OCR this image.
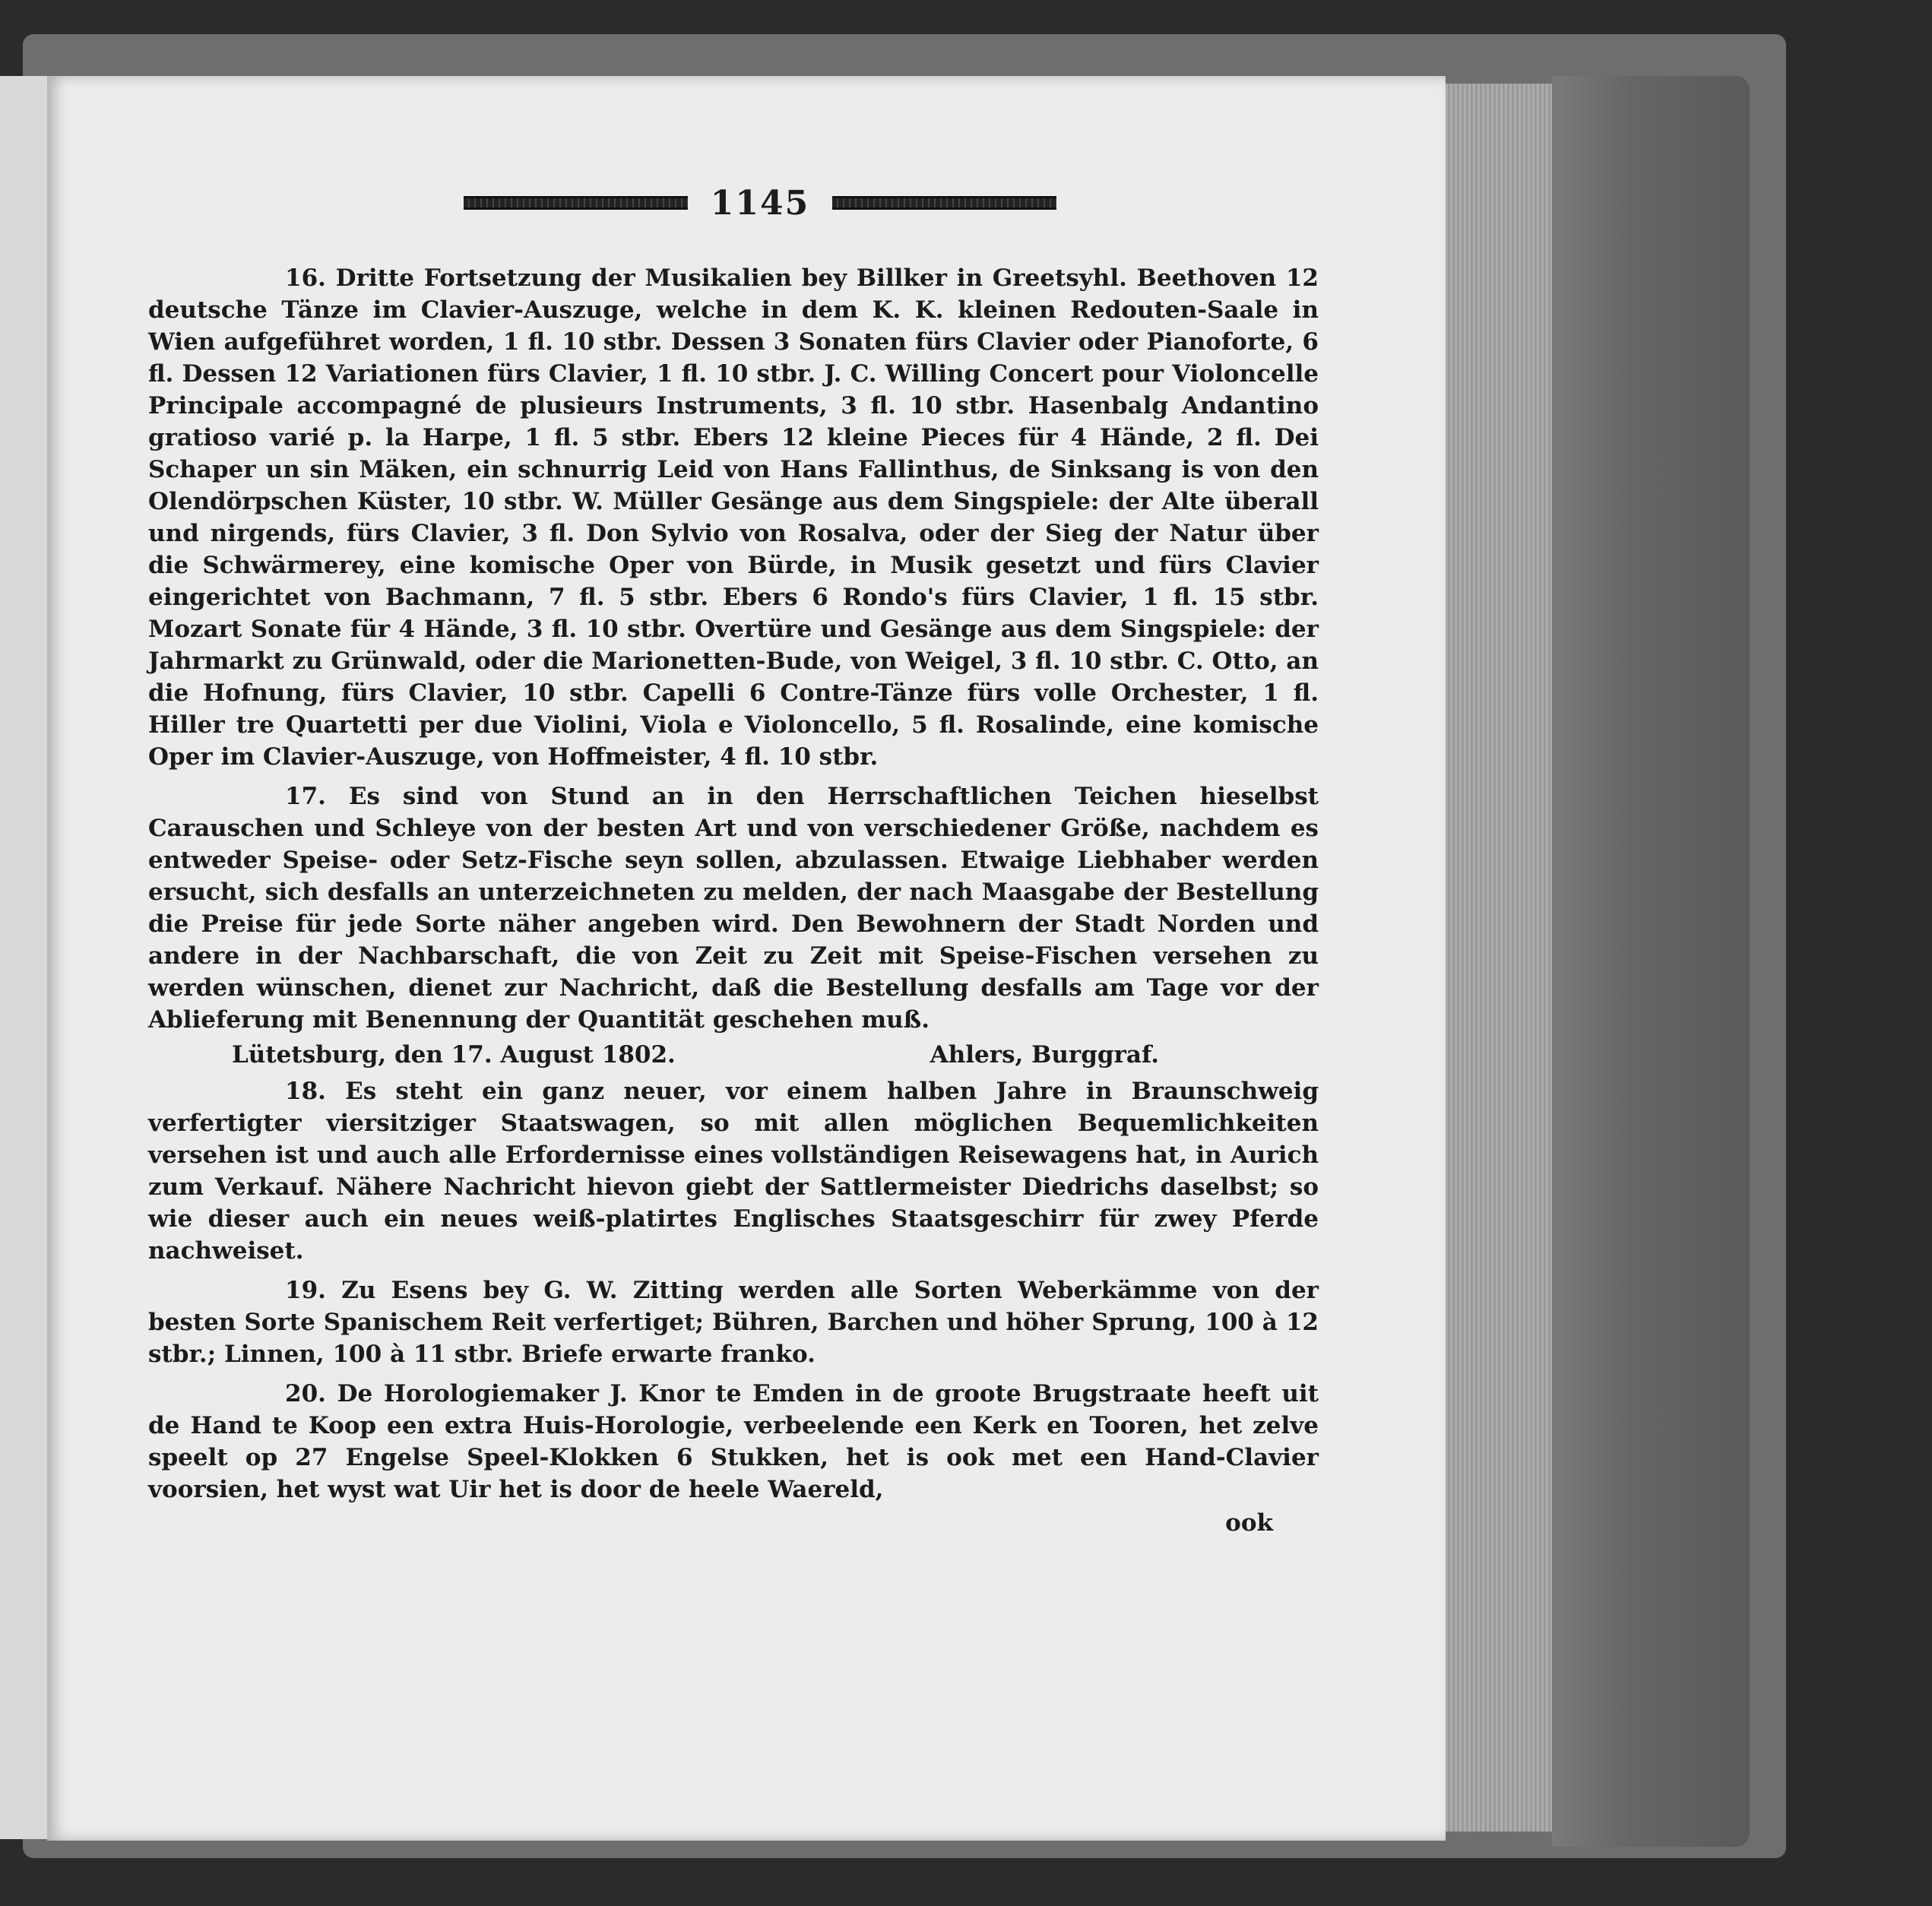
1145

16. Dritte Fortsetzung der Musikalien bey Billker in Greetsyhl. Beethoven 12 deutsche Tänze im Clavier-Auszuge, welche in dem K. K. kleinen Redouten-Saale in Wien aufgeführet worden, 1 fl. 10 stbr. Dessen 3 Sonaten fürs Clavier oder Pianoforte, 6 fl. Dessen 12 Variationen fürs Clavier, 1 fl. 10 stbr. J. C. Willing Concert pour Violoncelle Principale accompagné de plusieurs Instruments, 3 fl. 10 stbr. Hasenbalg Andantino gratioso varié p. la Harpe, 1 fl. 5 stbr. Ebers 12 kleine Pieces für 4 Hände, 2 fl. Dei Schaper un sin Mäken, ein schnurrig Leid von Hans Fallinthus, de Sinksang is von den Olendörpschen Küster, 10 stbr. W. Müller Gesänge aus dem Singspiele: der Alte überall und nirgends, fürs Clavier, 3 fl. Don Sylvio von Rosalva, oder der Sieg der Natur über die Schwärmerey, eine komische Oper von Bürde, in Musik gesetzt und fürs Clavier eingerichtet von Bachmann, 7 fl. 5 stbr. Ebers 6 Rondo's fürs Clavier, 1 fl. 15 stbr. Mozart Sonate für 4 Hände, 3 fl. 10 stbr. Overtüre und Gesänge aus dem Singspiele: der Jahrmarkt zu Grünwald, oder die Marionetten-Bude, von Weigel, 3 fl. 10 stbr. C. Otto, an die Hofnung, fürs Clavier, 10 stbr. Capelli 6 Contre-Tänze fürs volle Orchester, 1 fl. Hiller tre Quartetti per due Violini, Viola e Violoncello, 5 fl. Rosalinde, eine komische Oper im Clavier-Auszuge, von Hoffmeister, 4 fl. 10 stbr.

17. Es sind von Stund an in den Herrschaftlichen Teichen hieselbst Carauschen und Schleye von der besten Art und von verschiedener Größe, nachdem es entweder Speise- oder Setz-Fische seyn sollen, abzulassen. Etwaige Liebhaber werden ersucht, sich desfalls an unterzeichneten zu melden, der nach Maasgabe der Bestellung die Preise für jede Sorte näher angeben wird. Den Bewohnern der Stadt Norden und andere in der Nachbarschaft, die von Zeit zu Zeit mit Speise-Fischen versehen zu werden wünschen, dienet zur Nachricht, daß die Bestellung desfalls am Tage vor der Ablieferung mit Benennung der Quantität geschehen muß.

Lütetsburg, den 17. August 1802.	Ahlers, Burggraf.

18. Es steht ein ganz neuer, vor einem halben Jahre in Braunschweig verfertigter viersitziger Staatswagen, so mit allen möglichen Bequemlichkeiten versehen ist und auch alle Erfordernisse eines vollständigen Reisewagens hat, in Aurich zum Verkauf. Nähere Nachricht hievon giebt der Sattlermeister Diedrichs daselbst; so wie dieser auch ein neues weiß-platirtes Englisches Staatsgeschirr für zwey Pferde nachweiset.

19. Zu Esens bey G. W. Zitting werden alle Sorten Weberkämme von der besten Sorte Spanischem Reit verfertiget; Bühren, Barchen und höher Sprung, 100 à 12 stbr.; Linnen, 100 à 11 stbr. Briefe erwarte franko.

20. De Horologiemaker J. Knor te Emden in de groote Brugstraate heeft uit de Hand te Koop een extra Huis-Horologie, verbeelende een Kerk en Tooren, het zelve speelt op 27 Engelse Speel-Klokken 6 Stukken, het is ook met een Hand-Clavier voorsien, het wyst wat Uir het is door de heele Waereld,

ook
